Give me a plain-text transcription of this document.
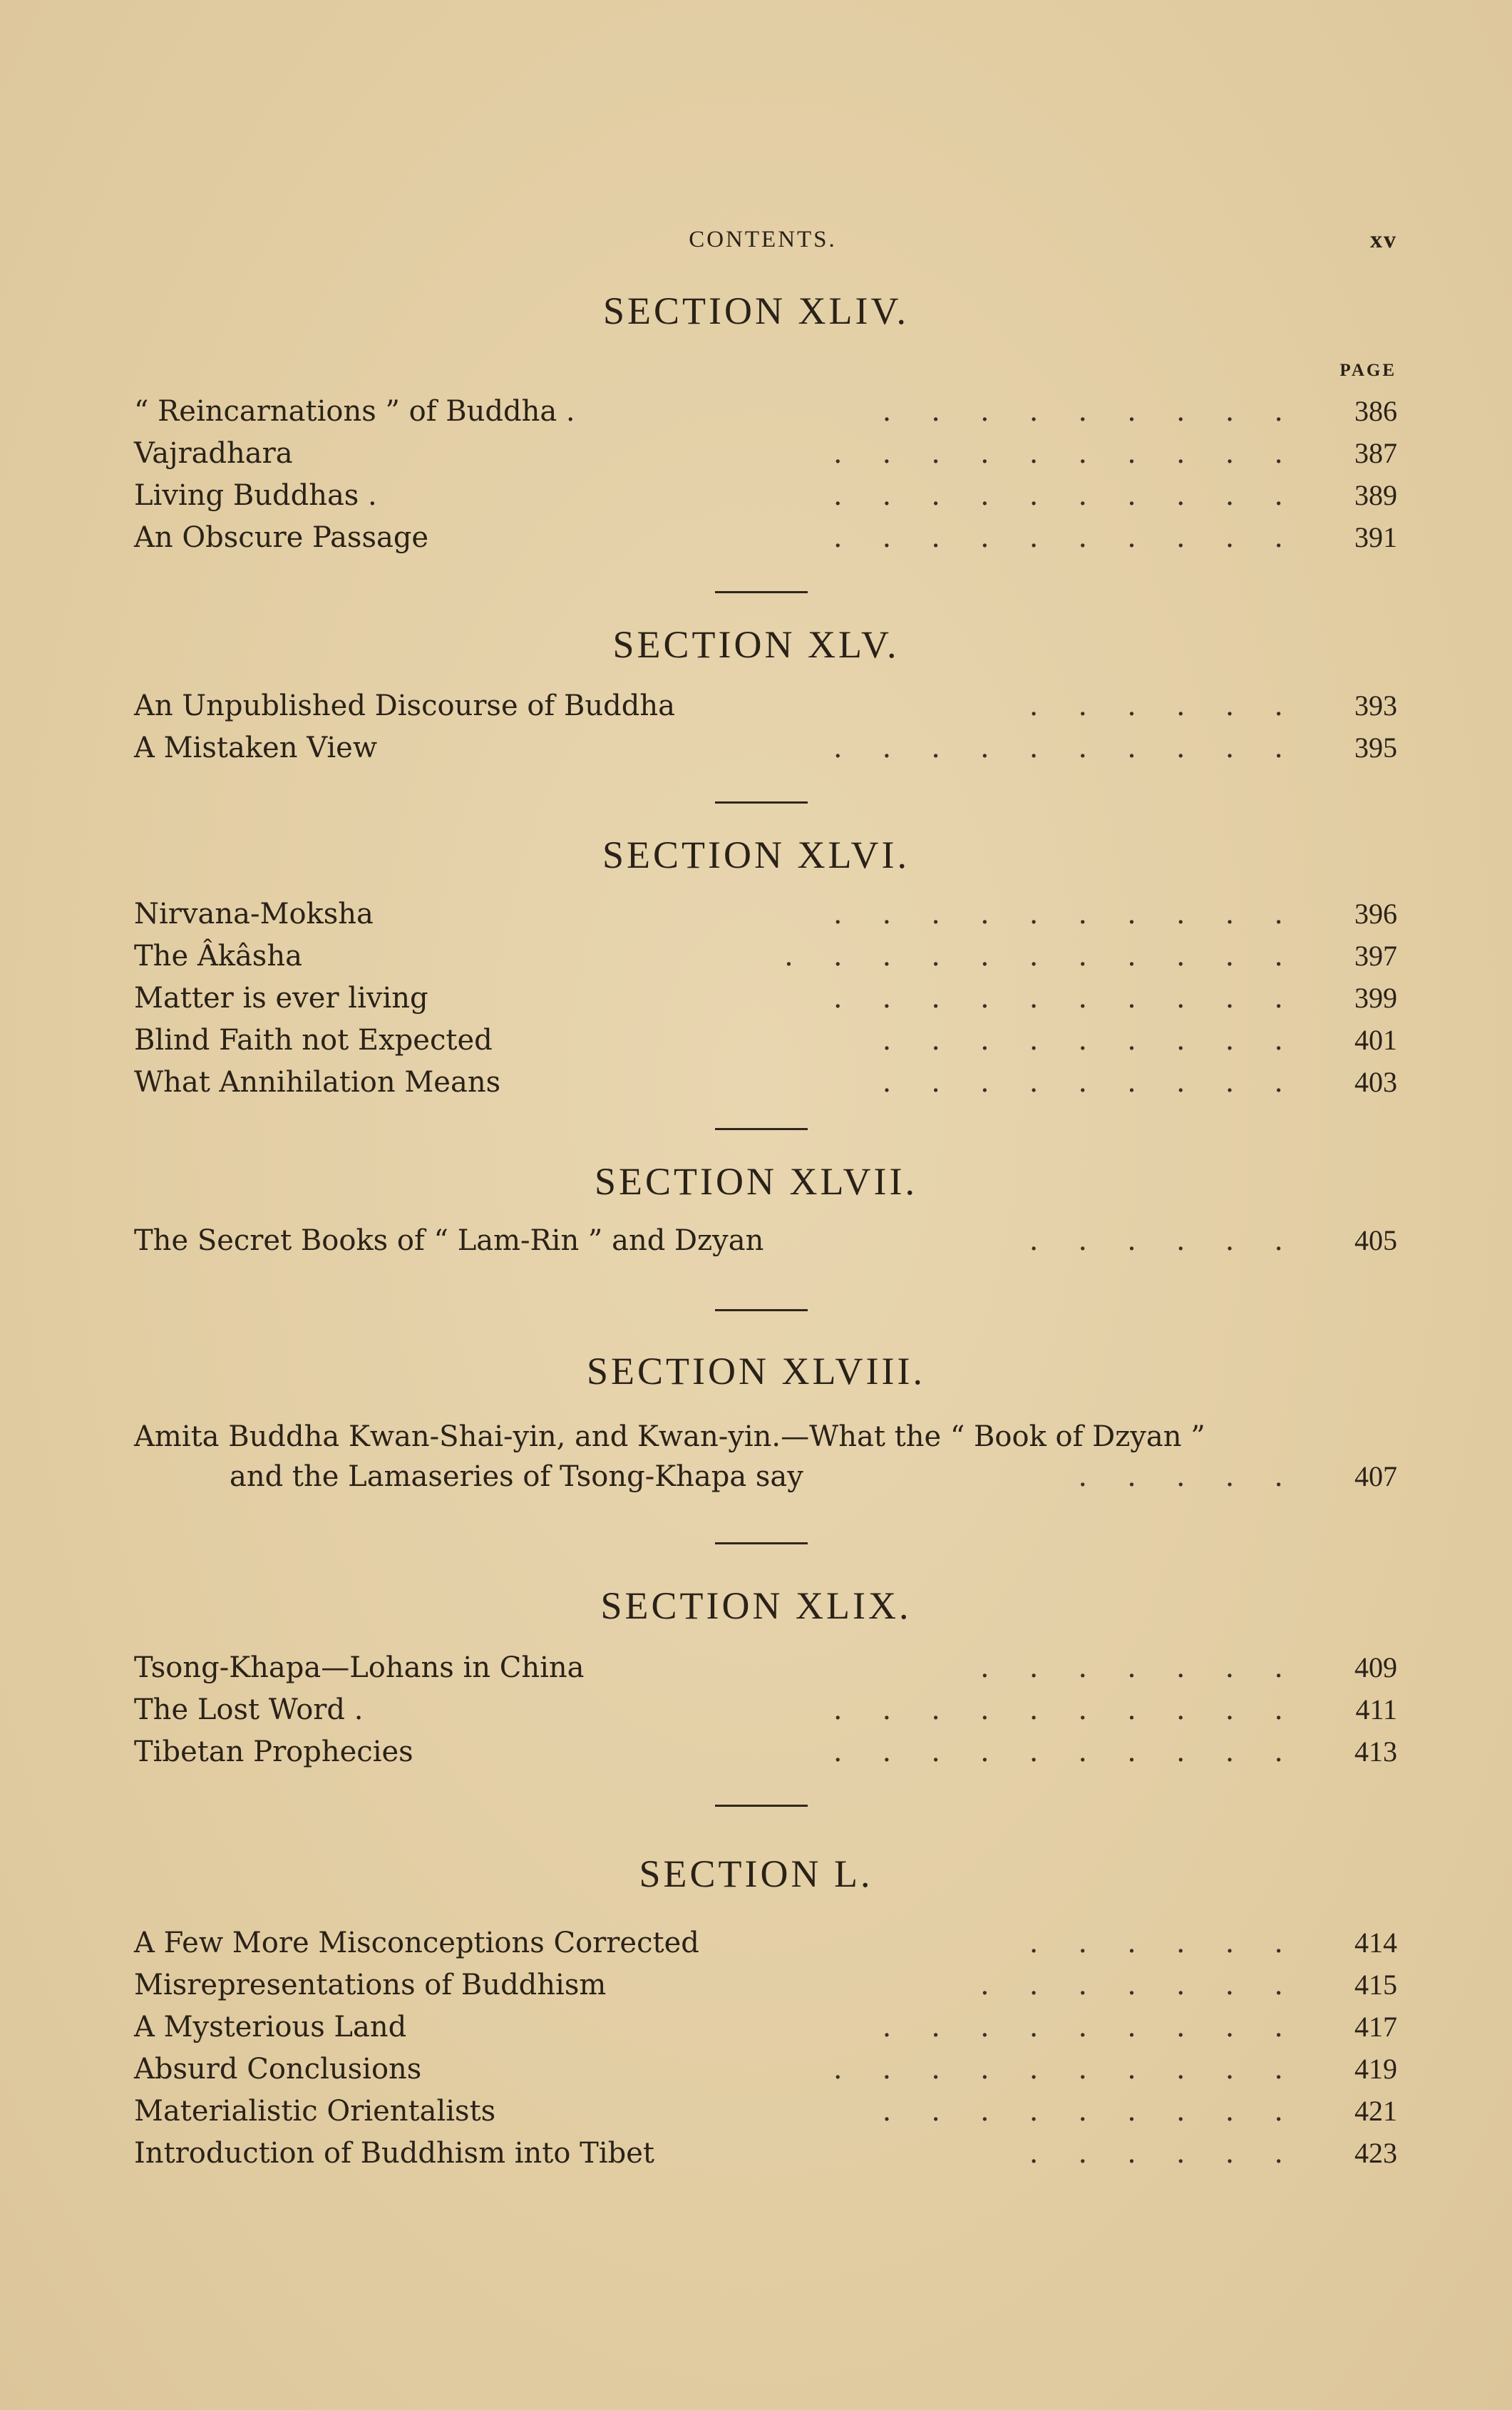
CONTENTS.	xv
SECTION XLIV.
PAGE
“ Reincarnations ” of Buddha .	.........	386
Vajradhara	..........	387
Living Buddhas .	..........	389
An Obscure Passage	..........	391
SECTION XLV.
An Unpublished Discourse of Buddha	......	393
A Mistaken View	..........	395
SECTION XLVI.
Nirvana-Moksha	..........	396
The Âkâsha	...........	397
Matter is ever living	..........	399
Blind Faith not Expected	.........	401
What Annihilation Means	.........	403
SECTION XLVII.
The Secret Books of “ Lam-Rin ” and Dzyan	......	405
SECTION XLVIII.
Amita Buddha Kwan-Shai-yin, and Kwan-yin.—What the “ Book of Dzyan ”
and the Lamaseries of Tsong-Khapa say	.....	407
SECTION XLIX.
Tsong-Khapa—Lohans in China	.......	409
The Lost Word .	..........	411
Tibetan Prophecies	..........	413
SECTION L.
A Few More Misconceptions Corrected	......	414
Misrepresentations of Buddhism	.......	415
A Mysterious Land	.........	417
Absurd Conclusions	..........	419
Materialistic Orientalists	.........	421
Introduction of Buddhism into Tibet	......	423
